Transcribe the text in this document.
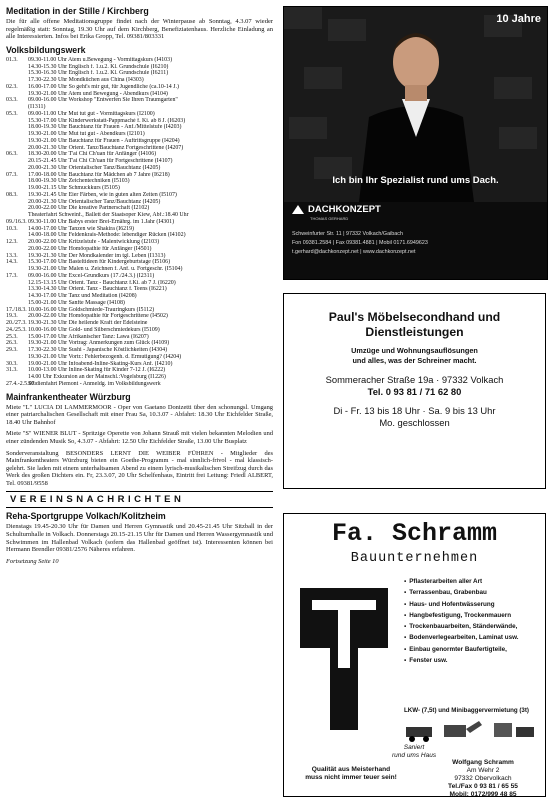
Meditation in der Stille / Kirchberg

Die für alle offene Meditationsgruppe findet nach der Winterpause ab Sonntag, 4.3.07 wieder regelmäßig statt: Sonntag, 19.30 Uhr auf dem Kirchberg, Benefiziatenhaus. Herzliche Einladung an alle Interessierten. Infos bei Erika Gropp, Tel. 09381/803331

Volksbildungswerk
01.3.	09.30-11.00 Uhr Atem u.Bewegung - Vormittagskurs (I4103)
14.30-15.30 Uhr Englisch f. 1.u.2. Kl. Grundschule (I6210)
15.30-16.30 Uhr Englisch f. 1.u.2. Kl. Grundschule (I6211)
17.30-22.30 Uhr Mondküchen aus China (I4303)
02.3.	16.00-17.00 Uhr So geht's mir gut, für Jugendliche (ca.10-14 J.)
19.30-21.00 Uhr Atem und Bewegung - Abendkurs (I4104)
03.3.	09.00-16.00 Uhr Workshop "Entwerfen Sie Ihren Traumgarten"
(I1311)
05.3.	09.00-11.00 Uhr Mut tut gut - Vormittagskurs (I2100)
15.30-17.00 Uhr Kinderwerkstatt-Pappmaché f. Ki. ab 8 J. (I6203)
18.00-19.30 Uhr Bauchtanz für Frauen - Anf./Mittelstufe (I4203)
19.30-21.00 Uhr Mut tut gut - Abendkurs (I2101)
19.30-21.00 Uhr Bauchtanz für Frauen - Auftrittsgruppe (I4204)
20.00-21.30 Uhr Orient. Tanz/Bauchtanz Fortgeschrittene (I4207)
06.3.	18.30-20.00 Uhr T'ai Chi Ch'uan für Anfänger (I4106)
20.15-21.45 Uhr T'ai Chi Ch'uan für Fortgeschrittene (I4107)
20.00-21.30 Uhr Orientalischer Tanz/Bauchtanz (I4205)
07.3.	17.00-18.00 Uhr Bauchtanz für Mädchen ab 7 Jahre (I6218)
18.00-19.30 Uhr Zeichentechniken (I5103)
19.00-21.15 Uhr Schmuckkurs (I5105)
08.3.	19.30-21.45 Uhr Eier Färben, wie in guten alten Zeiten (I5107)
20.00-21.30 Uhr Orientalischer Tanz/Bauchtanz (I4205)
20.00-22.00 Uhr Die kreative Partnerschaft (I2102)
Theaterfahrt Schweinf., Ballett der Staatsoper Kiew, Abf.:18.40 Uhr
09./16.3. 09.30-11.00 Uhr Babys erster Brei-Ernährg. im 1.Jahr (I4301)
10.3.	14.00-17.00 Uhr Tanzen wie Shakira (I6219)
14.00-18.00 Uhr Feldenkrais-Methode: lebendiger Rücken (I4102)
12.3.	20.00-22.00 Uhr Kritzelstufe - Malentwicklung (I2103)
20.00-22.00 Uhr Homöopathie für Anfänger (I4501)
13.3.	19.30-21.30 Uhr Der Mondkalender im tgl. Leben (I1313)
14.3.	15.30-17.00 Uhr Basteltideen für Kindergeburtstage (I5106)
19.30-21.00 Uhr Malen u. Zeichnen f. Anf. u. Fortgeschr. (I5104)
17.3.	09.00-16.00 Uhr Excel-Grundkurs (17./24.3.) (I2311)
12.15-13.15 Uhr Orient. Tanz - Bauchtanz f.Ki. ab 7 J. (I6220)
13.30-14.30 Uhr Orient. Tanz - Bauchtanz f. Teens (I6221)
14.30-17.00 Uhr Tanz und Meditation (I4208)
15.00-21.00 Uhr Sanfte Massage (I4108)
17./18.3. 10.00-16.00 Uhr Goldschmiede-Trauringkurs (I5112)
19.3.	20.00-22.00 Uhr Homöopathie für Fortgeschrittene (I4502)
20./27.3. 19.30-21.30 Uhr Die heilende Kraft der Edelsteine
24./25.3. 10.00-16.00 Uhr Gold- und Silberschmiedekurs (I5109)
25.3.	15.00-17.00 Uhr Afrikanischer Tanz: Lawa (I6207)
26.3.	19.30-21.00 Uhr Vortrag: Anmerkungen zum Glück (I4109)
29.3.	17.30-22.30 Uhr Sushi - Japanische Köstlichkeiten (I4304)
19.30-21.00 Uhr Vortr.: Fehlerbezogenh. d. Ermutigung? (I4204)
30.3.	19.00-21.00 Uhr Infoabend-Inline-Skating-Kurs Anf. (I4210)
31.3.	10.00-13.00 Uhr Inline-Skating für Kinder 7-12 J. (I6222)
14.00 Uhr Exkursion an der Mainschl.:Vogelsburg (I1226)
27.4.-2.5.07
Studienfahrt Piemont - Anmeldg. im Volksbildungswerk
Mainfrankentheater Würzburg

Miete "L" LUCIA DI LAMMERMOOR - Oper von Gaetano Donizetti über den schonungsl. Umgang einer patriarchalischen Gesellschaft mit einer Frau Sa, 10.3.07 - Abfahrt: 18.30 Uhr Eichfelder Straße, 18.40 Uhr Bahnhof

Miete "S" WIENER BLUT - Spritzige Operette von Johann Strauß mit vielen bekannten Melodien und einer zündenden Musik So, 4.3.07 - Abfahrt: 12.50 Uhr Eichfelder Straße, 13.00 Uhr Busplatz

Sonderveranstaltung BESONDERS LERNT DIE WEIBER FÜHREN - Mitglieder des Mainfrankentheaters Würzburg bieten ein Goethe-Programm - mal sinnlich-frivol - mal klassisch-gelehrt. Sie laden mit einem unterhaltsamen Abend zu einem lyrisch-musikalischen Streifzug durch das Werk des großen Dichters ein. Fr, 23.3.07, 20 Uhr Schelfenhaus, Eintritt frei Leitung: Friedl ALBERT, Tel. 09381/9558

VEREINSNACHRICHTEN
Reha-Sportgruppe Volkach/Kolitzheim

Dienstags 19.45-20.30 Uhr für Damen und Herren Gymnastik und 20.45-21.45 Uhr Sitzball in der Schulturnhalle in Volkach. Donnerstags 20.15-21.15 Uhr für Damen und Herren Wassergymnastik und Schwimmen im Hallenbad Volkach (sofern das Hallenbad geöffnet ist). Interessenten können bei Hermann Brendler 09381/2576 Näheres erfahren.

Fortsetzung Seite 10
10 Jahre
Ich bin Ihr Spezialist rund ums Dach.
DACHKONZEPT
THOMAS GERHARD
Schweinfurter Str. 11 | 97332 Volkach/Gaibach
Fon 09381.2584 | Fax 09381.4881 | Mobil 0171.6949623
t.gerhard@dachkonzept.net | www.dachkonzept.net
Paul's Möbelsecondhand und
Dienstleistungen
Umzüge und Wohnungsauflösungen
und alles, was der Schreiner macht.
Sommeracher Straße 19a · 97332 Volkach
Tel. 0 93 81 / 71 62 80
Di - Fr. 13 bis 18 Uhr · Sa. 9 bis 13 Uhr
Mo. geschlossen
Fa. Schramm
Bauunternehmen
▪ Pflasterarbeiten aller Art
▪ Terrassenbau, Grabenbau
▪ Haus- und Hofentwässerung
▪ Hangbefestigung, Trockenmauern
▪ Trockenbauarbeiten, Ständerwände,
▪ Bodenverlegearbeiten, Laminat usw.
▪ Einbau genormter Baufertigteile,
▪ Fenster usw.
LKW- (7,5t) und Minibaggervermietung (3t)
Saniert
rund ums Haus
Qualität aus Meisterhand
muss nicht immer teuer sein!
Wolfgang Schramm
Am Wehr 2
97332 Obervolkach
Tel./Fax 0 93 81 / 65 55
Mobil: 0172/999 48 85
